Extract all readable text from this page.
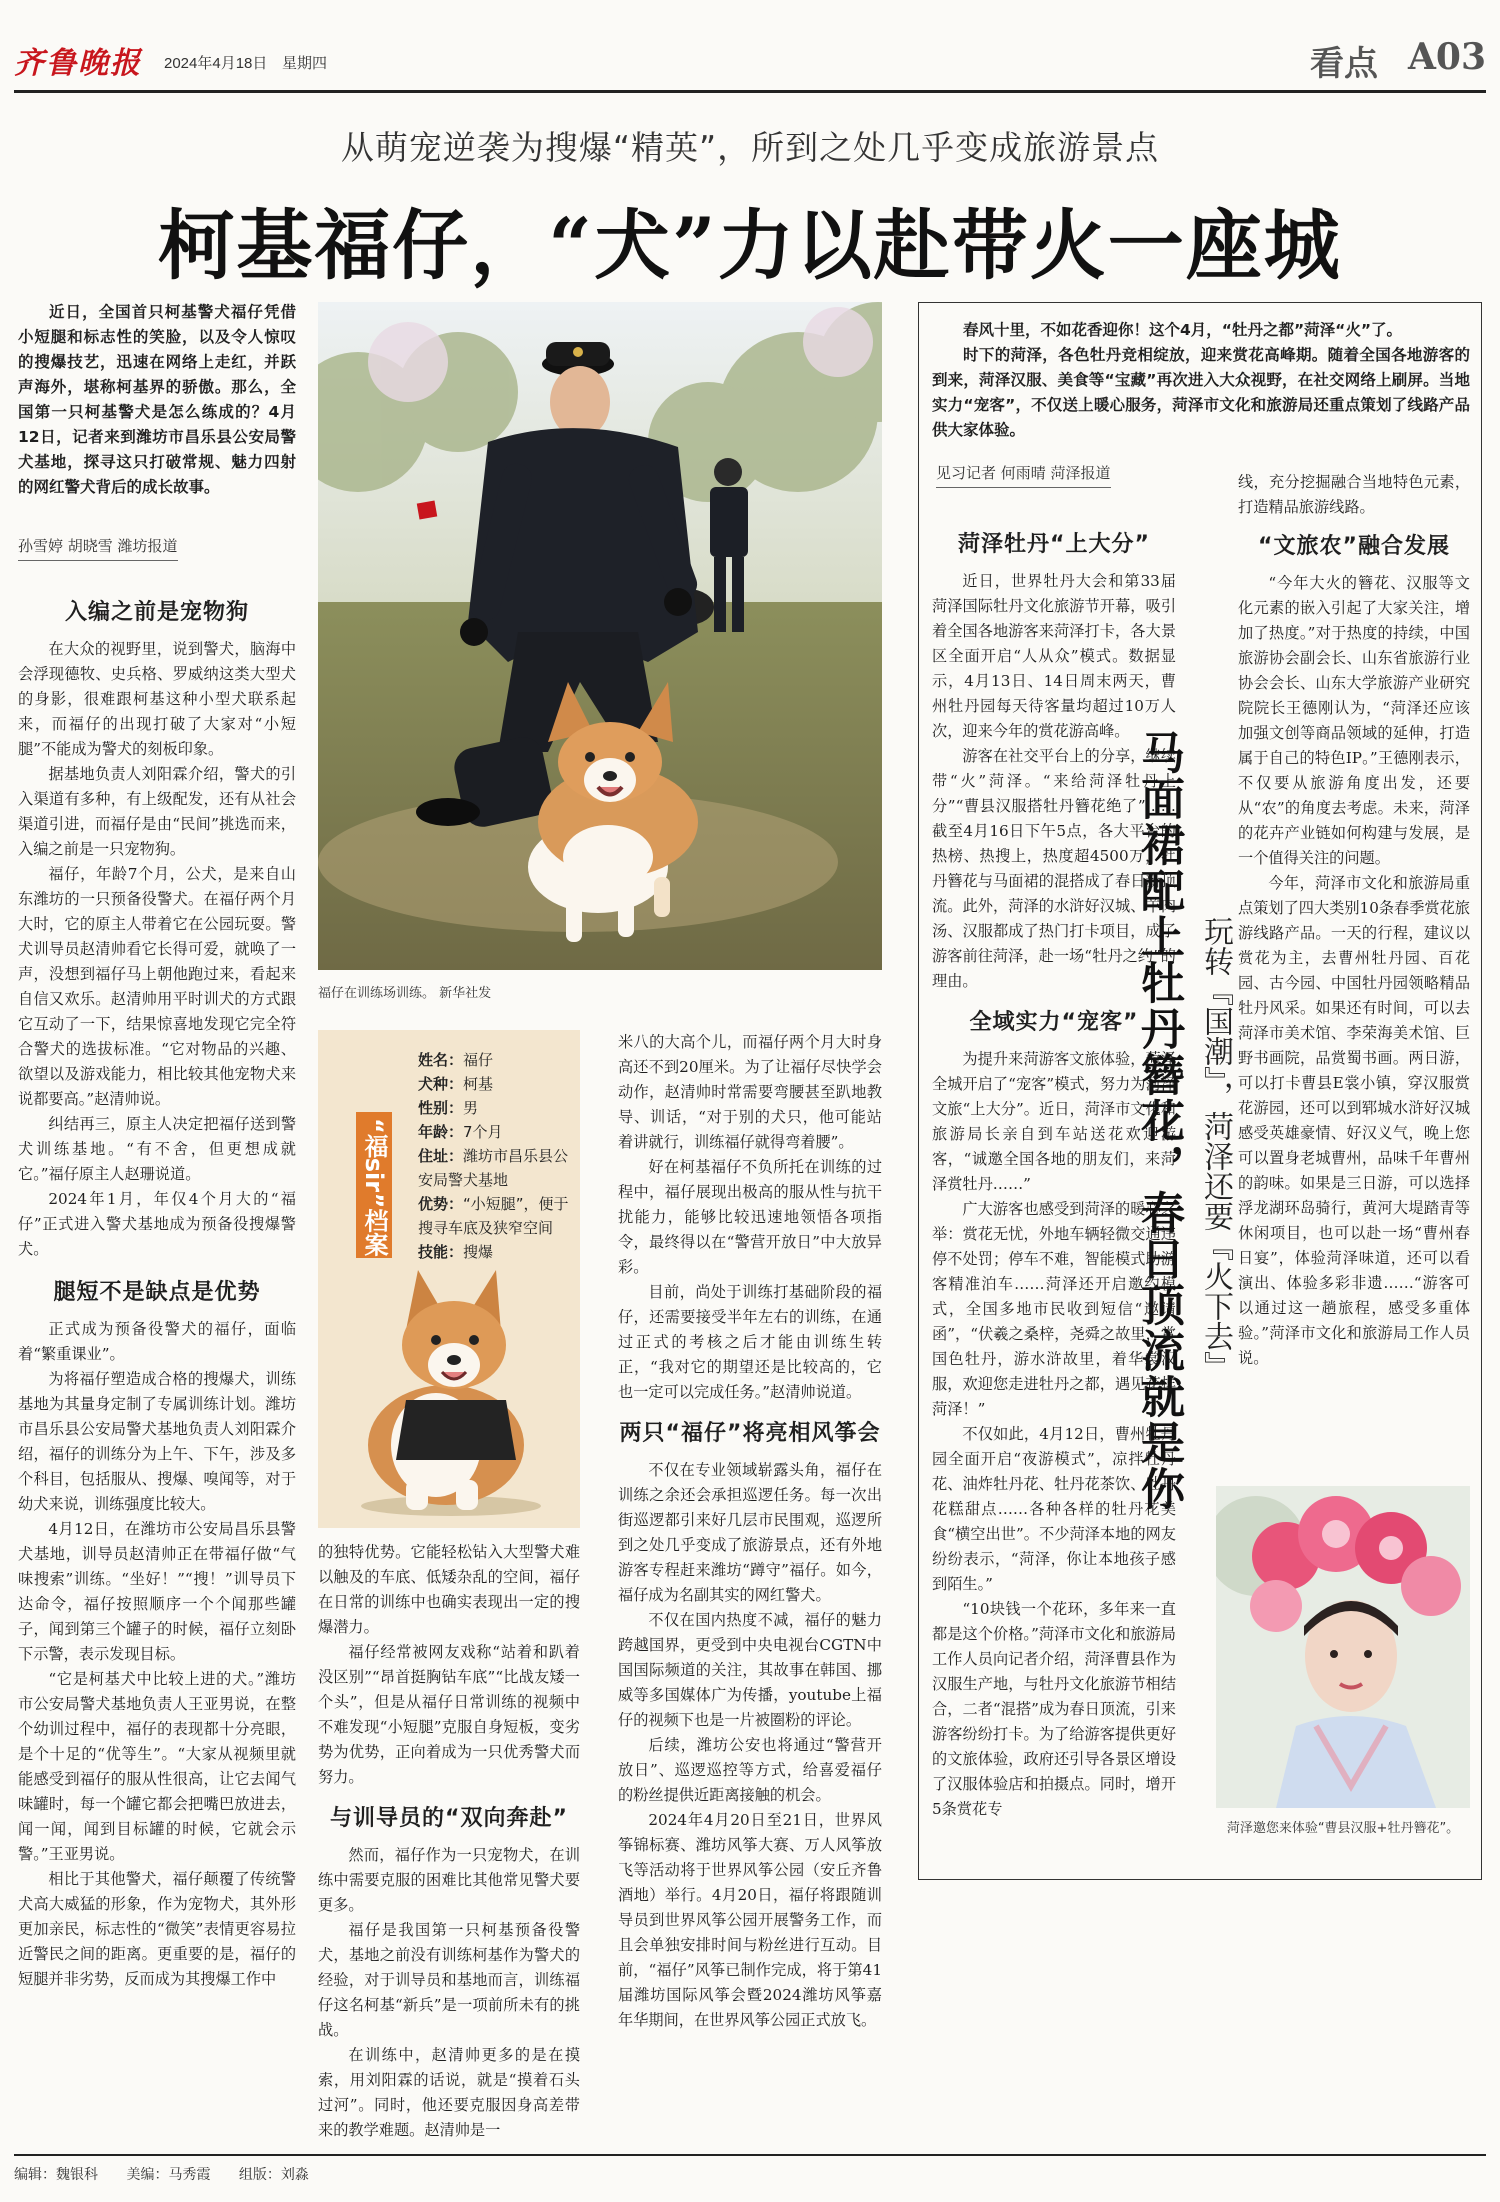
齐鲁晚报 2024年4月18日 星期四	看点 A03
从萌宠逆袭为搜爆“精英”，所到之处几乎变成旅游景点
柯基福仔，“犬”力以赴带火一座城

近日，全国首只柯基警犬福仔凭借小短腿和标志性的笑脸，以及令人惊叹的搜爆技艺，迅速在网络上走红，并跃声海外，堪称柯基界的骄傲。那么，全国第一只柯基警犬是怎么练成的？4月12日，记者来到潍坊市昌乐县公安局警犬基地，探寻这只打破常规、魅力四射的网红警犬背后的成长故事。

孙雪婷 胡晓雪 潍坊报道
入编之前是宠物狗

在大众的视野里，说到警犬，脑海中会浮现德牧、史兵格、罗威纳这类大型犬的身影，很难跟柯基这种小型犬联系起来，而福仔的出现打破了大家对“小短腿”不能成为警犬的刻板印象。

据基地负责人刘阳霖介绍，警犬的引入渠道有多种，有上级配发，还有从社会渠道引进，而福仔是由“民间”挑选而来，入编之前是一只宠物狗。

福仔，年龄7个月，公犬，是来自山东潍坊的一只预备役警犬。在福仔两个月大时，它的原主人带着它在公园玩耍。警犬训导员赵清帅看它长得可爱，就唤了一声，没想到福仔马上朝他跑过来，看起来自信又欢乐。赵清帅用平时训犬的方式跟它互动了一下，结果惊喜地发现它完全符合警犬的选拔标准。“它对物品的兴趣、欲望以及游戏能力，相比较其他宠物犬来说都要高。”赵清帅说。

纠结再三，原主人决定把福仔送到警犬训练基地。“有不舍，但更想成就它。”福仔原主人赵珊说道。

2024年1月，年仅4个月大的“福仔”正式进入警犬基地成为预备役搜爆警犬。

腿短不是缺点是优势

正式成为预备役警犬的福仔，面临着“繁重课业”。

为将福仔塑造成合格的搜爆犬，训练基地为其量身定制了专属训练计划。潍坊市昌乐县公安局警犬基地负责人刘阳霖介绍，福仔的训练分为上午、下午，涉及多个科目，包括服从、搜爆、嗅闻等，对于幼犬来说，训练强度比较大。

4月12日，在潍坊市公安局昌乐县警犬基地，训导员赵清帅正在带福仔做“气味搜索”训练。“坐好！”“搜！”训导员下达命令，福仔按照顺序一个个闻那些罐子，闻到第三个罐子的时候，福仔立刻卧下示警，表示发现目标。

“它是柯基犬中比较上进的犬。”潍坊市公安局警犬基地负责人王亚男说，在整个幼训过程中，福仔的表现都十分亮眼，是个十足的“优等生”。“大家从视频里就能感受到福仔的服从性很高，让它去闻气味罐时，每一个罐它都会把嘴巴放进去，闻一闻，闻到目标罐的时候，它就会示警。”王亚男说。

相比于其他警犬，福仔颠覆了传统警犬高大威猛的形象，作为宠物犬，其外形更加亲民，标志性的“微笑”表情更容易拉近警民之间的距离。更重要的是，福仔的短腿并非劣势，反而成为其搜爆工作中

福仔在训练场训练。 新华社发
“福sir”档案
姓名：福仔
犬种：柯基
性别：男
年龄：7个月
住址：潍坊市昌乐县公安局警犬基地
优势：“小短腿”，便于搜寻车底及狭窄空间
技能：搜爆

的独特优势。它能轻松钻入大型警犬难以触及的车底、低矮杂乱的空间，福仔在日常的训练中也确实表现出一定的搜爆潜力。

福仔经常被网友戏称“站着和趴着没区别”“昂首挺胸钻车底”“比战友矮一个头”，但是从福仔日常训练的视频中不难发现“小短腿”克服自身短板，变劣势为优势，正向着成为一只优秀警犬而努力。

与训导员的“双向奔赴”

然而，福仔作为一只宠物犬，在训练中需要克服的困难比其他常见警犬要更多。

福仔是我国第一只柯基预备役警犬，基地之前没有训练柯基作为警犬的经验，对于训导员和基地而言，训练福仔这名柯基“新兵”是一项前所未有的挑战。

在训练中，赵清帅更多的是在摸索，用刘阳霖的话说，就是“摸着石头过河”。同时，他还要克服因身高差带来的教学难题。赵清帅是一

米八的大高个儿，而福仔两个月大时身高还不到20厘米。为了让福仔尽快学会动作，赵清帅时常需要弯腰甚至趴地教导、训话，“对于别的犬只，他可能站着讲就行，训练福仔就得弯着腰”。

好在柯基福仔不负所托在训练的过程中，福仔展现出极高的服从性与抗干扰能力，能够比较迅速地领悟各项指令，最终得以在“警营开放日”中大放异彩。

目前，尚处于训练打基础阶段的福仔，还需要接受半年左右的训练，在通过正式的考核之后才能由训练生转正，“我对它的期望还是比较高的，它也一定可以完成任务。”赵清帅说道。

两只“福仔”将亮相风筝会

不仅在专业领域崭露头角，福仔在训练之余还会承担巡逻任务。每一次出街巡逻都引来好几层市民围观，巡逻所到之处几乎变成了旅游景点，还有外地游客专程赶来潍坊“蹲守”福仔。如今，福仔成为名副其实的网红警犬。

不仅在国内热度不减，福仔的魅力跨越国界，更受到中央电视台CGTN中国国际频道的关注，其故事在韩国、挪威等多国媒体广为传播，youtube上福仔的视频下也是一片被圈粉的评论。

后续，潍坊公安也将通过“警营开放日”、巡逻巡控等方式，给喜爱福仔的粉丝提供近距离接触的机会。

2024年4月20日至21日，世界风筝锦标赛、潍坊风筝大赛、万人风筝放飞等活动将于世界风筝公园（安丘齐鲁酒地）举行。4月20日，福仔将跟随训导员到世界风筝公园开展警务工作，而且会单独安排时间与粉丝进行互动。目前，“福仔”风筝已制作完成，将于第41届潍坊国际风筝会暨2024潍坊风筝嘉年华期间，在世界风筝公园正式放飞。

春风十里，不如花香迎你！这个4月，“牡丹之都”菏泽“火”了。

时下的菏泽，各色牡丹竞相绽放，迎来赏花高峰期。随着全国各地游客的到来，菏泽汉服、美食等“宝藏”再次进入大众视野，在社交网络上刷屏。当地实力“宠客”，不仅送上暖心服务，菏泽市文化和旅游局还重点策划了线路产品供大家体验。

见习记者 何雨晴 菏泽报道
菏泽牡丹“上大分”

近日，世界牡丹大会和第33届菏泽国际牡丹文化旅游节开幕，吸引着全国各地游客来菏泽打卡，各大景区全面开启“人从众”模式。数据显示，4月13日、14日周末两天，曹州牡丹园每天待客量均超过10万人次，迎来今年的赏花游高峰。

游客在社交平台上的分享，继续带“火”菏泽。“来给菏泽牡丹上分”“曹县汉服搭牡丹簪花绝了”……截至4月16日下午5点，各大平台的热榜、热搜上，热度超4500万，牡丹簪花与马面裙的混搭成了春日新顶流。此外，菏泽的水浒好汉城、羊肉汤、汉服都成了热门打卡项目，成了游客前往菏泽，赴一场“牡丹之约”的理由。

全域实力“宠客”

为提升来菏游客文旅体验，菏泽全城开启了“宠客”模式，努力为菏泽文旅“上大分”。近日，菏泽市文化和旅游局长亲自到车站送花欢迎游客，“诚邀全国各地的朋友们，来菏泽赏牡丹……”

广大游客也感受到菏泽的暖心之举：赏花无忧，外地车辆轻微交通违停不处罚；停车不难，智能模式助游客精准泊车……菏泽还开启邀约模式，全国多地市民收到短信“邀请函”，“伏羲之桑梓，尧舜之故里，赏国色牡丹，游水浒故里，着华裳汉服，欢迎您走进牡丹之都，遇见花样菏泽！”

不仅如此，4月12日，曹州牡丹园全面开启“夜游模式”，凉拌牡丹花、油炸牡丹花、牡丹花茶饮、牡丹花糕甜点……各种各样的牡丹花美食“横空出世”。不少菏泽本地的网友纷纷表示，“菏泽，你让本地孩子感到陌生。”

“10块钱一个花环，多年来一直都是这个价格。”菏泽市文化和旅游局工作人员向记者介绍，菏泽曹县作为汉服生产地，与牡丹文化旅游节相结合，二者“混搭”成为春日顶流，引来游客纷纷打卡。为了给游客提供更好的文旅体验，政府还引导各景区增设了汉服体验店和拍摄点。同时，增开5条赏花专

马面裙配上牡丹簪花，春日顶流就是你 玩转『国潮』，菏泽还要『火下去』

线，充分挖掘融合当地特色元素，打造精品旅游线路。

“文旅农”融合发展

“今年大火的簪花、汉服等文化元素的嵌入引起了大家关注，增加了热度。”对于热度的持续，中国旅游协会副会长、山东省旅游行业协会会长、山东大学旅游产业研究院院长王德刚认为，“菏泽还应该加强文创等商品领域的延伸，打造属于自己的特色IP。”王德刚表示，不仅要从旅游角度出发，还要从“农”的角度去考虑。未来，菏泽的花卉产业链如何构建与发展，是一个值得关注的问题。

今年，菏泽市文化和旅游局重点策划了四大类别10条春季赏花旅游线路产品。一天的行程，建议以赏花为主，去曹州牡丹园、百花园、古今园、中国牡丹园领略精品牡丹风采。如果还有时间，可以去菏泽市美术馆、李荣海美术馆、巨野书画院，品赏蜀书画。两日游，可以打卡曹县E裳小镇，穿汉服赏花游园，还可以到郓城水浒好汉城感受英雄豪情、好汉义气，晚上您可以置身老城曹州，品味千年曹州的韵味。如果是三日游，可以选择浮龙湖环岛骑行，黄河大堤踏青等休闲项目，也可以赴一场“曹州春日宴”，体验菏泽味道，还可以看演出、体验多彩非遗……“游客可以通过这一趟旅程，感受多重体验。”菏泽市文化和旅游局工作人员说。

菏泽邀您来体验“曹县汉服+牡丹簪花”。
编辑：魏银科 美编：马秀霞 组版：刘淼
